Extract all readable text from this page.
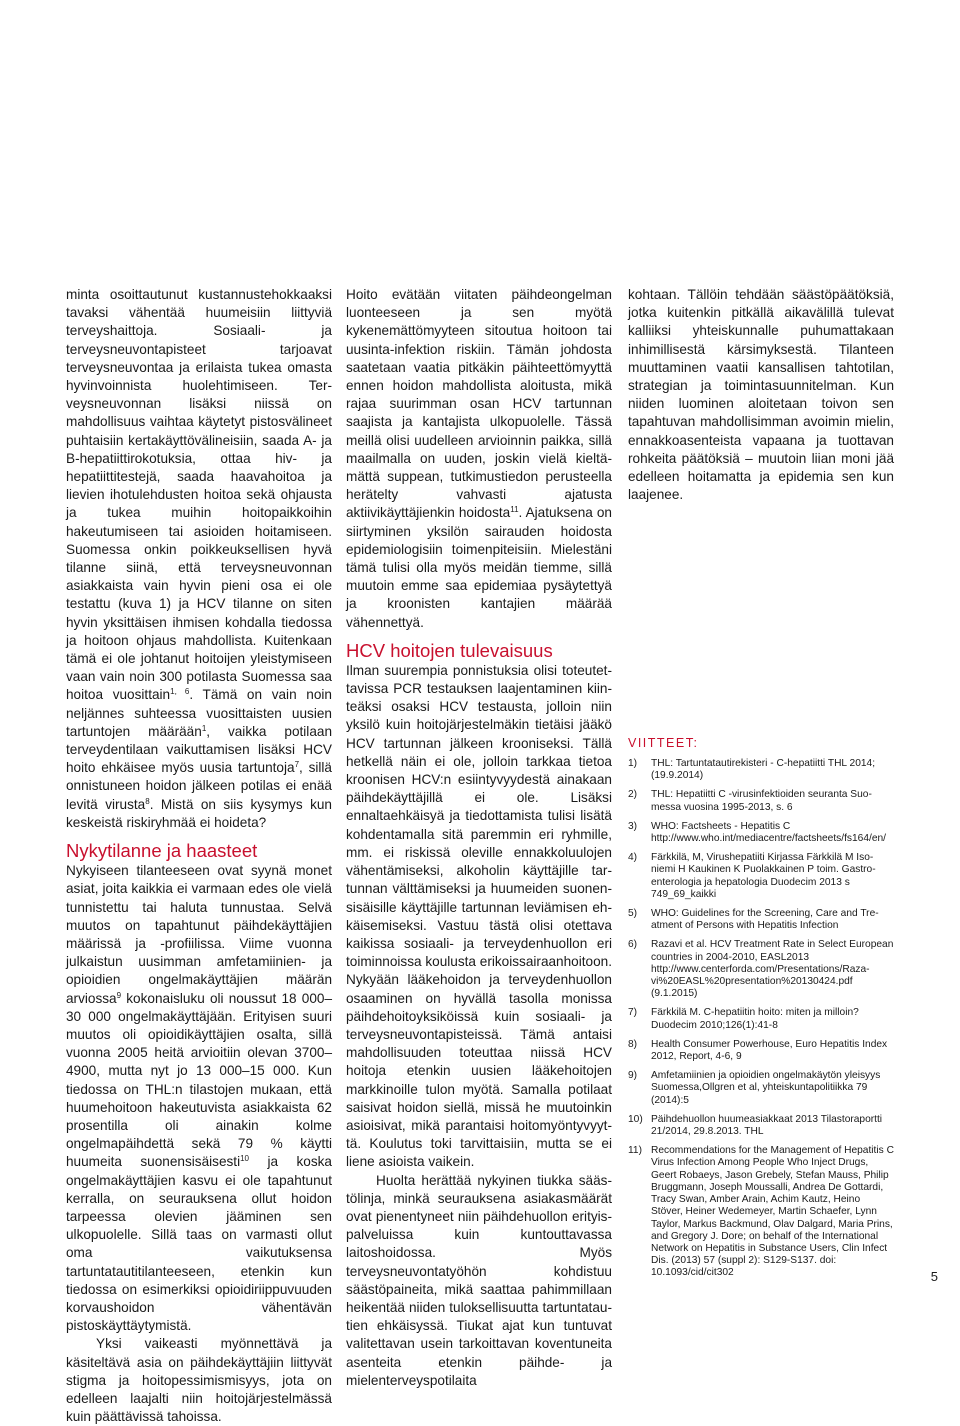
minta osoittautunut kustannustehokkaaksi tavaksi vähentää huumeisiin liittyviä terveyshaittoja. Sosiaali- ja terveysneuvontapisteet tarjoavat terveysneuvontaa ja erilaista tukea omasta hyvinvoinnista huolehtimiseen. Terveysneuvonnan lisäksi niissä on mahdollisuus vaihtaa käytetyt pistosvälineet puhtaisiin kertakäyttövälineisiin, saada A- ja B-hepatiittirokotuksia, ottaa hiv- ja hepatiittitestejä, saada haavahoitoa ja lievien ihotulehdusten hoitoa sekä ohjausta ja tukea muihin hoitopaikkoihin hakeutumiseen tai asioiden hoitamiseen. Suomessa onkin poikkeuksellisen hyvä tilanne siinä, että terveysneuvonnan asiakkaista vain hyvin pieni osa ei ole testattu (kuva 1) ja HCV tilanne on siten hyvin yksittäisen ihmisen kohdalla tiedossa ja hoitoon ohjaus mahdollista. Kuitenkaan tämä ei ole johtanut hoitoijen yleistymiseen vaan vain noin 300 potilasta Suomessa saa hoitoa vuosittain$^{1, 6}$. Tämä on vain noin neljännes suhteessa vuosittaisten uusien tartuntojen määrään$^1$, vaikka potilaan terveydentilaan vaikuttamisen lisäksi HCV hoito ehkäisee myös uusia tartuntoja$^7$, sillä onnistuneen hoidon jälkeen potilas ei enää levitä virusta$^8$. Mistä on siis kysymys kun keskeistä riskiryhmää ei hoideta?

Nykytilanne ja haasteet

Nykyiseen tilanteeseen ovat syynä monet asiat, joita kaikkia ei varmaan edes ole vielä tunnistettu tai haluta tunnustaa. Selvä muutos on tapahtunut päihdekäyttäjien määrissä ja -profiilissa. Viime vuonna julkaistun uusimman amfetamiinien- ja opioidien ongelmakäyttäjien määrän arviossa$^9$ kokonaisluku oli noussut 18 000–30 000 ongelmakäyttäjään. Erityisen suuri muutos oli opioidikäyttäjien osalta, sillä vuonna 2005 heitä arvioitiin olevan 3700–4900, mutta nyt jo 13 000–15 000. Kun tiedossa on THL:n tilastojen mukaan, että huumehoitoon hakeutuvista asiakkaista 62 prosentilla oli ainakin kolme ongelmapäihdettä sekä 79 % käytti huumeita suonensisäisesti$^{10}$ ja koska ongelmakäyttäjien kasvu ei ole tapahtunut kerralla, on seurauksena ollut hoidon tarpeessa olevien jääminen sen ulkopuolelle. Sillä taas on varmasti ollut oma vaikutuksensa tartuntatautitilanteeseen, etenkin kun tiedossa on esimerkiksi opioidiriippuvuuden korvaushoidon vähentävän pistoskäyttäytymistä.

Yksi vaikeasti myönnettävä ja käsiteltävä asia on päihdekäyttäjiin liittyvät stigma ja hoitopessimismisyys, jota on edelleen laajalti niin hoitojärjestelmässä kuin päättävissä tahoissa.

Hoito evätään viitaten päihdeongelman luonteeseen ja sen myötä kykenemättömyyteen sitoutua hoitoon tai uusinta-infektion riskiin. Tämän johdosta saatetaan vaatia pitkäkin päihteettömyyttä ennen hoidon mahdollista aloitusta, mikä rajaa suurimman osan HCV tartunnan saajista ja kantajista ulkopuolelle. Tässä meillä olisi uudelleen arvioinnin paikka, sillä maailmalla on uuden, joskin vielä kieltämättä suppean, tutkimustiedon perusteella herätelty vahvasti ajatusta aktiivikäyttäjienkin hoidosta$^{11}$. Ajatuksena on siirtyminen yksilön sairauden hoidosta epidemiologisiin toimenpiteisiin. Mielestäni tämä tulisi olla myös meidän tiemme, sillä muutoin emme saa epidemiaa pysäytettyä ja kroonisten kantajien määrää vähennettyä.

HCV hoitojen tulevaisuus

Ilman suurempia ponnistuksia olisi toteutettavissa PCR testauksen laajentaminen kiinteäksi osaksi HCV testausta, jolloin niin yksilö kuin hoitojärjestelmäkin tietäisi jääkö HCV tartunnan jälkeen krooniseksi. Tällä hetkellä näin ei ole, jolloin tarkkaa tietoa kroonisen HCV:n esiintyvyydestä ainakaan päihdekäyttäjillä ei ole. Lisäksi ennaltaehkäisyä ja tiedottamista tulisi lisätä kohdentamalla sitä paremmin eri ryhmille, mm. ei riskissä oleville ennakkoluulojen vähentämiseksi, alkoholin käyttäjille tartunnan välttämiseksi ja huumeiden suonensisäisille käyttäjille tartunnan leviämisen ehkäisemiseksi. Vastuu tästä olisi otettava kaikissa sosiaali- ja terveydenhuollon eri toiminnoissa koulusta erikoissairaanhoitoon. Nykyään lääkehoidon ja terveydenhuollon osaaminen on hyvällä tasolla monissa päihdehoitoyksiköissä kuin sosiaali- ja terveysneuvontapisteissä. Tämä antaisi mahdollisuuden toteuttaa niissä HCV hoitoja etenkin uusien lääkehoitojen markkinoille tulon myötä. Samalla potilaat saisivat hoidon siellä, missä he muutoinkin asioisivat, mikä parantaisi hoitomyöntyvyyttä. Koulutus toki tarvittaisiin, mutta se ei liene asioista vaikein.

Huolta herättää nykyinen tiukka säästölinja, minkä seurauksena asiakasmäärät ovat pienentyneet niin päihdehuollon erityispalveluissa kuin kuntouttavassa laitoshoidossa. Myös terveysneuvontatyöhön kohdistuu säästöpaineita, mikä saattaa pahimmillaan heikentää niiden tuloksellisuutta tartuntatautien ehkäisyssä. Tiukat ajat kun tuntuvat valitettavan usein tarkoittavan koventuneita asenteita etenkin päihde- ja mielenterveyspotilaita

kohtaan. Tällöin tehdään säästöpäätöksiä, jotka kuitenkin pitkällä aikavälillä tulevat kalliiksi yhteiskunnalle puhumattakaan inhimillisestä kärsimyksestä. Tilanteen muuttaminen vaatii kansallisen tahtotilan, strategian ja toimintasuunnitelman. Kun niiden luominen aloitetaan toivon sen tapahtuvan mahdollisimman avoimin mielin, ennakkoasenteista vapaana ja tuottavan rohkeita päätöksiä – muutoin liian moni jää edelleen hoitamatta ja epidemia sen kun laajenee.

VIITTEET:
1) THL: Tartuntatautirekisteri - C-hepatiitti THL 2014; (19.9.2014)
2) THL: Hepatiitti C -virusinfektioiden seuranta Suomessa vuosina 1995-2013, s. 6
3) WHO: Factsheets - Hepatitis C http://www.who.int/mediacentre/factsheets/fs164/en/
4) Färkkilä, M, Virushepatiiti Kirjassa Färkkilä M Isoniemi H Kaukinen K Puolakkainen P toim. Gastroenterologia ja hepatologia Duodecim 2013 s 749_69_kaikki
5) WHO: Guidelines for the Screening, Care and Treatment of Persons with Hepatitis Infection
6) Razavi et al. HCV Treatment Rate in Select European countries in 2004-2010, EASL2013 http://www.centerforda.com/Presentations/Razavi%20EASL%20presentation%20130424.pdf (9.1.2015)
7) Färkkilä M. C-hepatiitin hoito: miten ja milloin? Duodecim 2010;126(1):41-8
8) Health Consumer Powerhouse, Euro Hepatitis Index 2012, Report, 4-6, 9
9) Amfetamiinien ja opioidien ongelmakäytön yleisyys Suomessa,Ollgren et al, yhteiskuntapolitiikka 79 (2014):5
10) Päihdehuollon huumeasiakkaat 2013 Tilastoraportti 21/2014, 29.8.2013. THL
11) Recommendations for the Management of Hepatitis C Virus Infection Among People Who Inject Drugs, Geert Robaeys, Jason Grebely, Stefan Mauss, Philip Bruggmann, Joseph Moussalli, Andrea De Gottardi, Tracy Swan, Amber Arain, Achim Kautz, Heino Stöver, Heiner Wedemeyer, Martin Schaefer, Lynn Taylor, Markus Backmund, Olav Dalgard, Maria Prins, and Gregory J. Dore; on behalf of the International Network on Hepatitis in Substance Users, Clin Infect Dis. (2013) 57 (suppl 2): S129-S137. doi: 10.1093/cid/cit302	5
